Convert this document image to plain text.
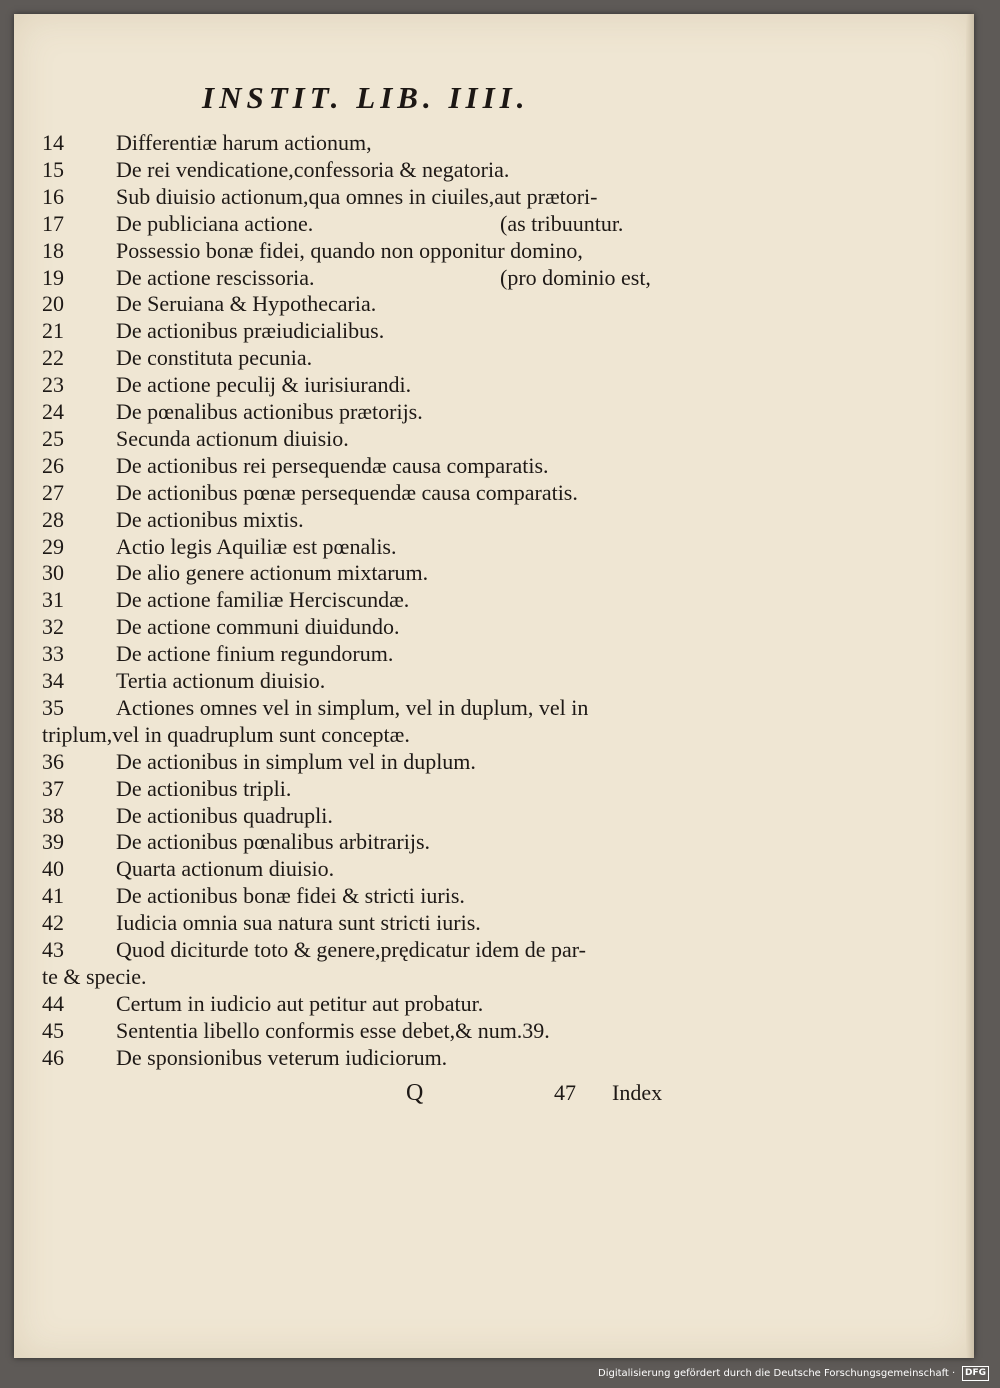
INSTIT. LIB. IIII.
14 Differentiæ harum actionum,
15 De rei vendicatione,confessoria & negatoria.
16 Sub diuisio actionum,qua omnes in ciuiles,aut prætori-
17 De publiciana actione.	(as tribuuntur.
18 Possessio bonæ fidei, quando non opponitur domino,
19 De actione rescissoria.	(pro dominio est,
20 De Seruiana & Hypothecaria.
21 De actionibus præiudicialibus.
22 De constituta pecunia.
23 De actione peculij & iurisiurandi.
24 De pœnalibus actionibus prætorijs.
25 Secunda actionum diuisio.
26 De actionibus rei persequendæ causa comparatis.
27 De actionibus pœnæ persequendæ causa comparatis.
28 De actionibus mixtis.
29 Actio legis Aquiliæ est pœnalis.
30 De alio genere actionum mixtarum.
31 De actione familiæ Herciscundæ.
32 De actione communi diuidundo.
33 De actione finium regundorum.
34 Tertia actionum diuisio.
35 Actiones omnes vel in simplum, vel in duplum, vel in
triplum,vel in quadruplum sunt conceptæ.
36 De actionibus in simplum vel in duplum.
37 De actionibus tripli.
38 De actionibus quadrupli.
39 De actionibus pœnalibus arbitrarijs.
40 Quarta actionum diuisio.
41 De actionibus bonæ fidei & stricti iuris.
42 Iudicia omnia sua natura sunt stricti iuris.
43 Quod diciturde toto & genere,prędicatur idem de par-
te & specie.
44 Certum in iudicio aut petitur aut probatur.
45 Sententia libello conformis esse debet,& num.39.
46 De sponsionibus veterum iudiciorum.
Q	47 Index
Digitalisierung gefördert durch die Deutsche Forschungsgemeinschaft ·	DFG
